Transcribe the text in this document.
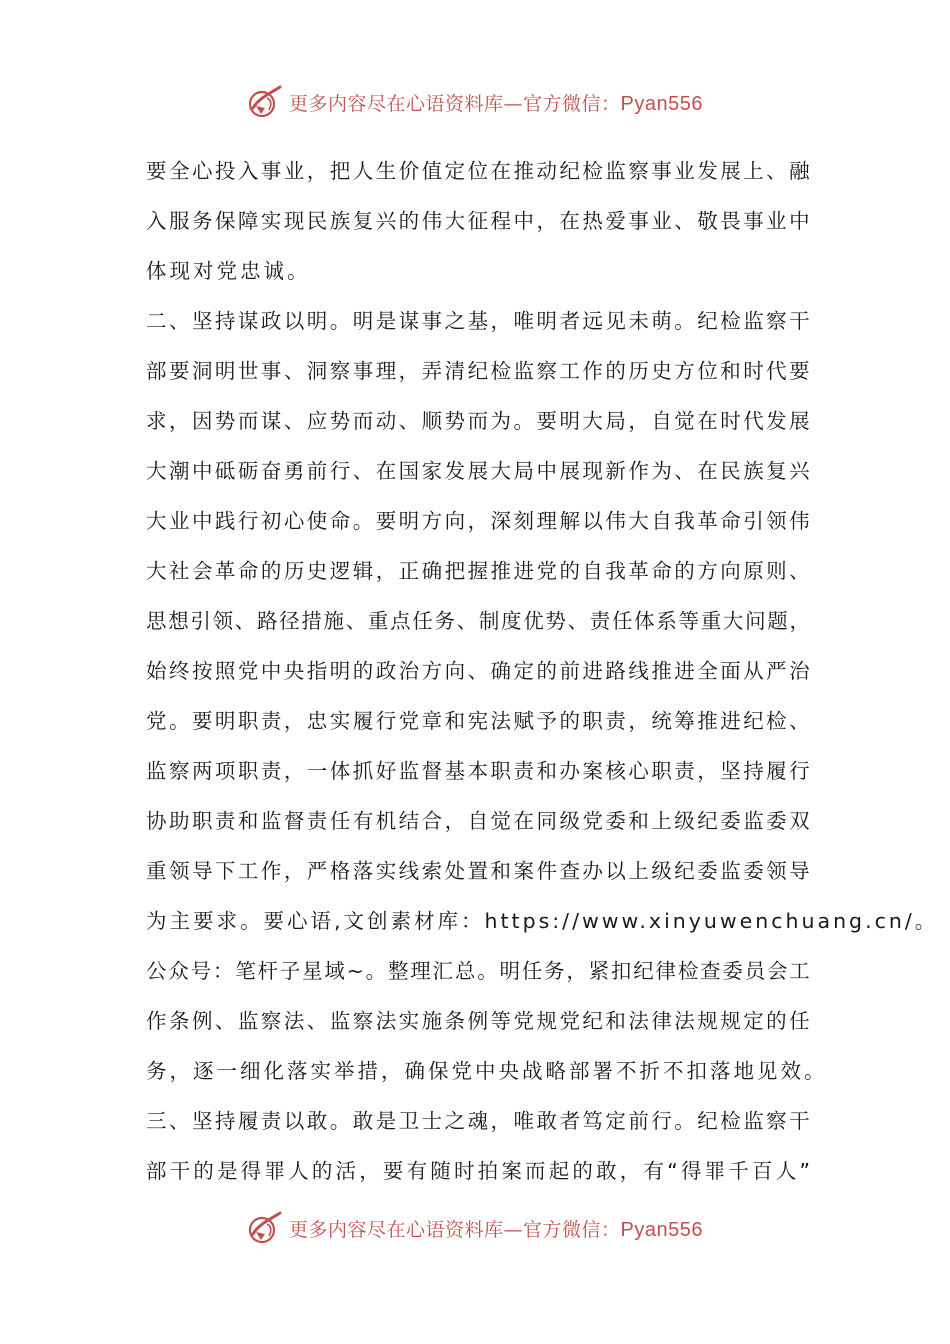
更多内容尽在心语资料库—官方微信：Pyan556
要 全 心 投 入 事 业 ， 把 人 生 价 值 定 位 在 推 动 纪 检 监 察 事 业 发 展 上 、 融
入 服 务 保 障 实 现 民 族 复 兴 的 伟 大 征 程 中 ， 在 热 爱 事 业 、 敬 畏 事 业 中
体现对党忠诚。
二 、 坚 持 谋 政 以 明 。 明 是 谋 事 之 基 ， 唯 明 者 远 见 未 萌 。 纪 检 监 察 干
部 要 洞 明 世 事 、 洞 察 事 理 ， 弄 清 纪 检 监 察 工 作 的 历 史 方 位 和 时 代 要
求 ， 因 势 而 谋 、 应 势 而 动 、 顺 势 而 为 。 要 明 大 局 ， 自 觉 在 时 代 发 展
大 潮 中 砥 砺 奋 勇 前 行 、 在 国 家 发 展 大 局 中 展 现 新 作 为 、 在 民 族 复 兴
大 业 中 践 行 初 心 使 命 。 要 明 方 向 ， 深 刻 理 解 以 伟 大 自 我 革 命 引 领 伟
大 社 会 革 命 的 历 史 逻 辑 ， 正 确 把 握 推 进 党 的 自 我 革 命 的 方 向 原 则 、
思 想 引 领 、 路 径 措 施 、 重 点 任 务 、 制 度 优 势 、 责 任 体 系 等 重 大 问 题 ，
始 终 按 照 党 中 央 指 明 的 政 治 方 向 、 确 定 的 前 进 路 线 推 进 全 面 从 严 治
党 。 要 明 职 责 ， 忠 实 履 行 党 章 和 宪 法 赋 予 的 职 责 ， 统 筹 推 进 纪 检 、
监 察 两 项 职 责 ， 一 体 抓 好 监 督 基 本 职 责 和 办 案 核 心 职 责 ， 坚 持 履 行
协 助 职 责 和 监 督 责 任 有 机 结 合 ， 自 觉 在 同 级 党 委 和 上 级 纪 委 监 委 双
重 领 导 下 工 作 ， 严 格 落 实 线 索 处 置 和 案 件 查 办 以 上 级 纪 委 监 委 领 导
为主要求。要心语,文创素材库：https://www.xinyuwenchuang.cn/。
公 众 号 ： 笔 杆 子 星 域 ~ 。 整 理 汇 总 。 明 任 务 ， 紧 扣 纪 律 检 查 委 员 会 工
作 条 例 、 监 察 法 、 监 察 法 实 施 条 例 等 党 规 党 纪 和 法 律 法 规 规 定 的 任
务，逐一细化落实举措，确保党中央战略部署不折不扣落地见效。
三 、 坚 持 履 责 以 敢 。 敢 是 卫 士 之 魂 ， 唯 敢 者 笃 定 前 行 。 纪 检 监 察 干
部 干 的 是 得 罪 人 的 活 ， 要 有 随 时 拍 案 而 起 的 敢 ， 有 “ 得 罪 千 百 人 ”
更多内容尽在心语资料库—官方微信：Pyan556
